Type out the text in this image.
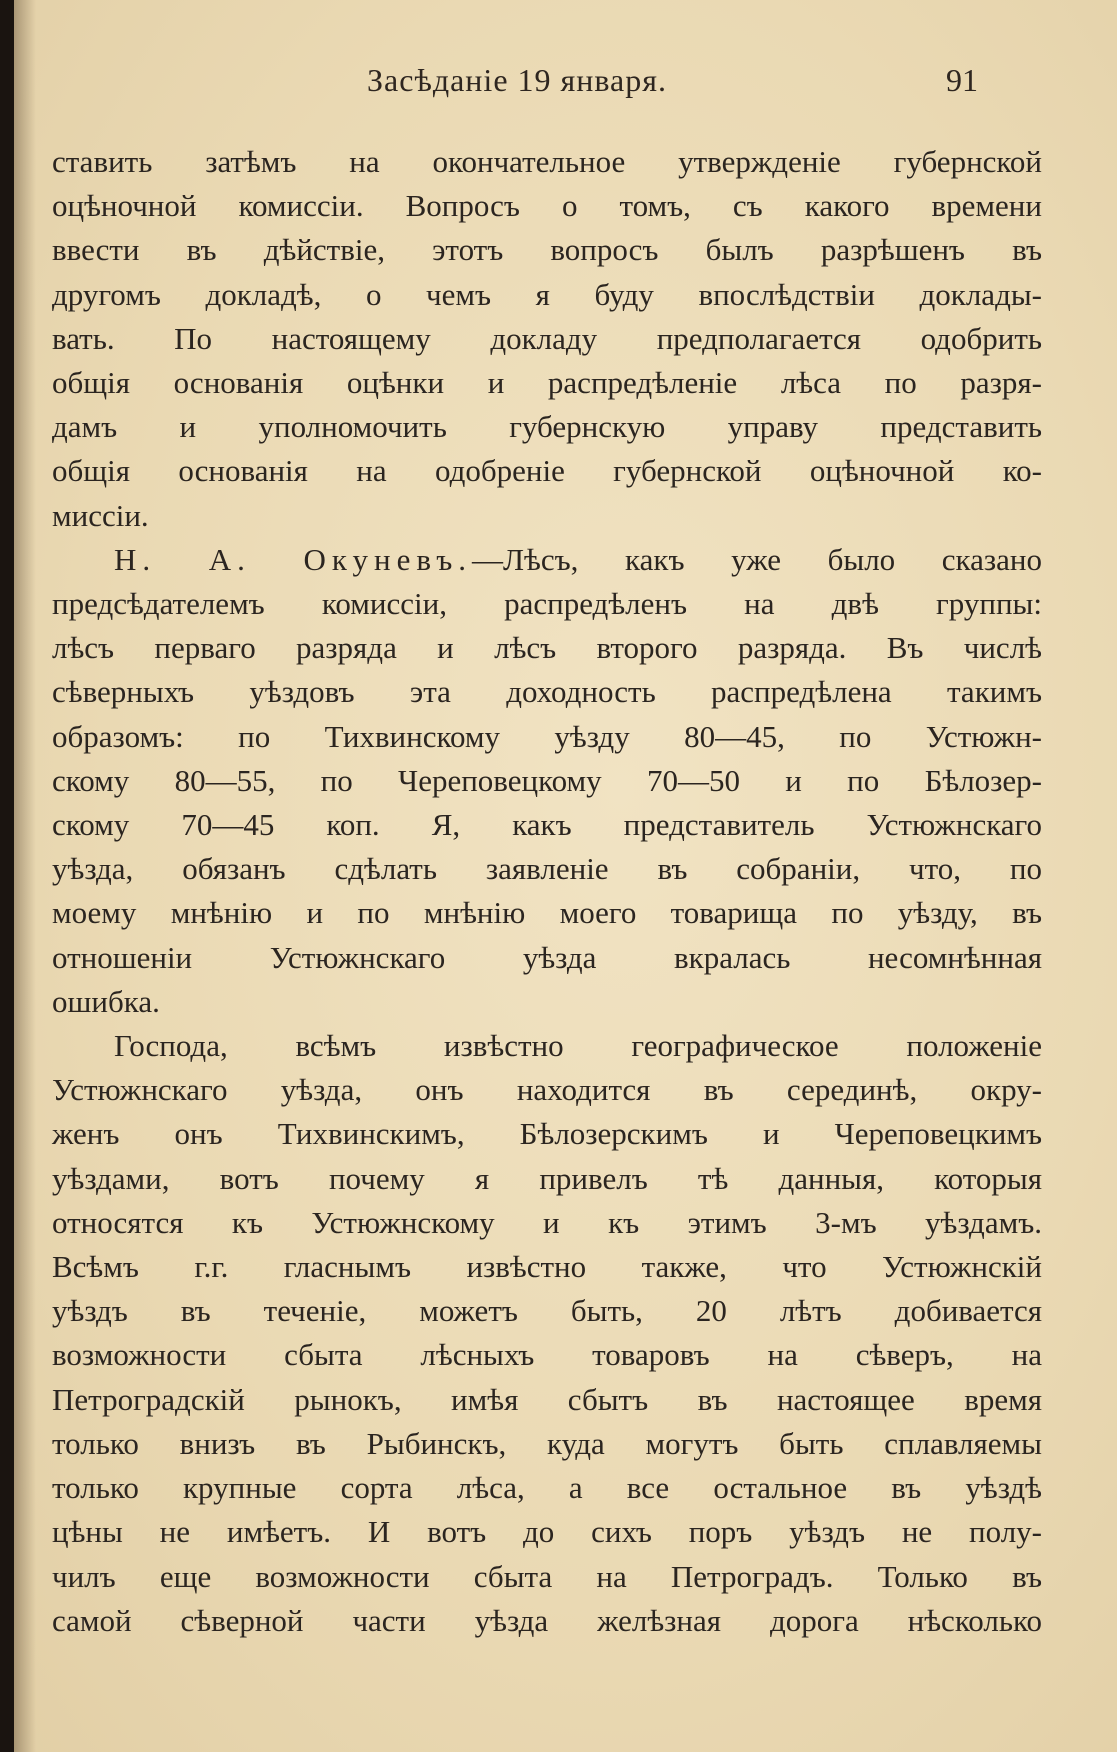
Засѣданіе 19 января.	91

ставить затѣмъ на окончательное утвержденіе губернской
оцѣночной комиссіи. Вопросъ о томъ, съ какого времени
ввести въ дѣйствіе, этотъ вопросъ былъ разрѣшенъ въ
другомъ докладѣ, о чемъ я буду впослѣдствіи доклады-
вать. По настоящему докладу предполагается одобрить
общія основанія оцѣнки и распредѣленіе лѣса по разря-
дамъ и уполномочить губернскую управу представить
общія основанія на одобреніе губернской оцѣночной ко-
миссіи.

Н. А. Окуневъ.—Лѣсъ, какъ уже было сказано
предсѣдателемъ комиссіи, распредѣленъ на двѣ группы:
лѣсъ перваго разряда и лѣсъ второго разряда. Въ числѣ
сѣверныхъ уѣздовъ эта доходность распредѣлена такимъ
образомъ: по Тихвинскому уѣзду 80—45, по Устюжн-
скому 80—55, по Череповецкому 70—50 и по Бѣлозер-
скому 70—45 коп. Я, какъ представитель Устюжнскаго
уѣзда, обязанъ сдѣлать заявленіе въ собраніи, что, по
моему мнѣнію и по мнѣнію моего товарища по уѣзду, въ
отношеніи Устюжнскаго уѣзда вкралась несомнѣнная
ошибка.

Господа, всѣмъ извѣстно географическое положеніе
Устюжнскаго уѣзда, онъ находится въ серединѣ, окру-
женъ онъ Тихвинскимъ, Бѣлозерскимъ и Череповецкимъ
уѣздами, вотъ почему я привелъ тѣ данныя, которыя
относятся къ Устюжнскому и къ этимъ 3-мъ уѣздамъ.
Всѣмъ г.г. гласнымъ извѣстно также, что Устюжнскій
уѣздъ въ теченіе, можетъ быть, 20 лѣтъ добивается
возможности сбыта лѣсныхъ товаровъ на сѣверъ, на
Петроградскій рынокъ, имѣя сбытъ въ настоящее время
только внизъ въ Рыбинскъ, куда могутъ быть сплавляемы
только крупные сорта лѣса, а все остальное въ уѣздѣ
цѣны не имѣетъ. И вотъ до сихъ поръ уѣздъ не полу-
чилъ еще возможности сбыта на Петроградъ. Только въ
самой сѣверной части уѣзда желѣзная дорога нѣсколько
